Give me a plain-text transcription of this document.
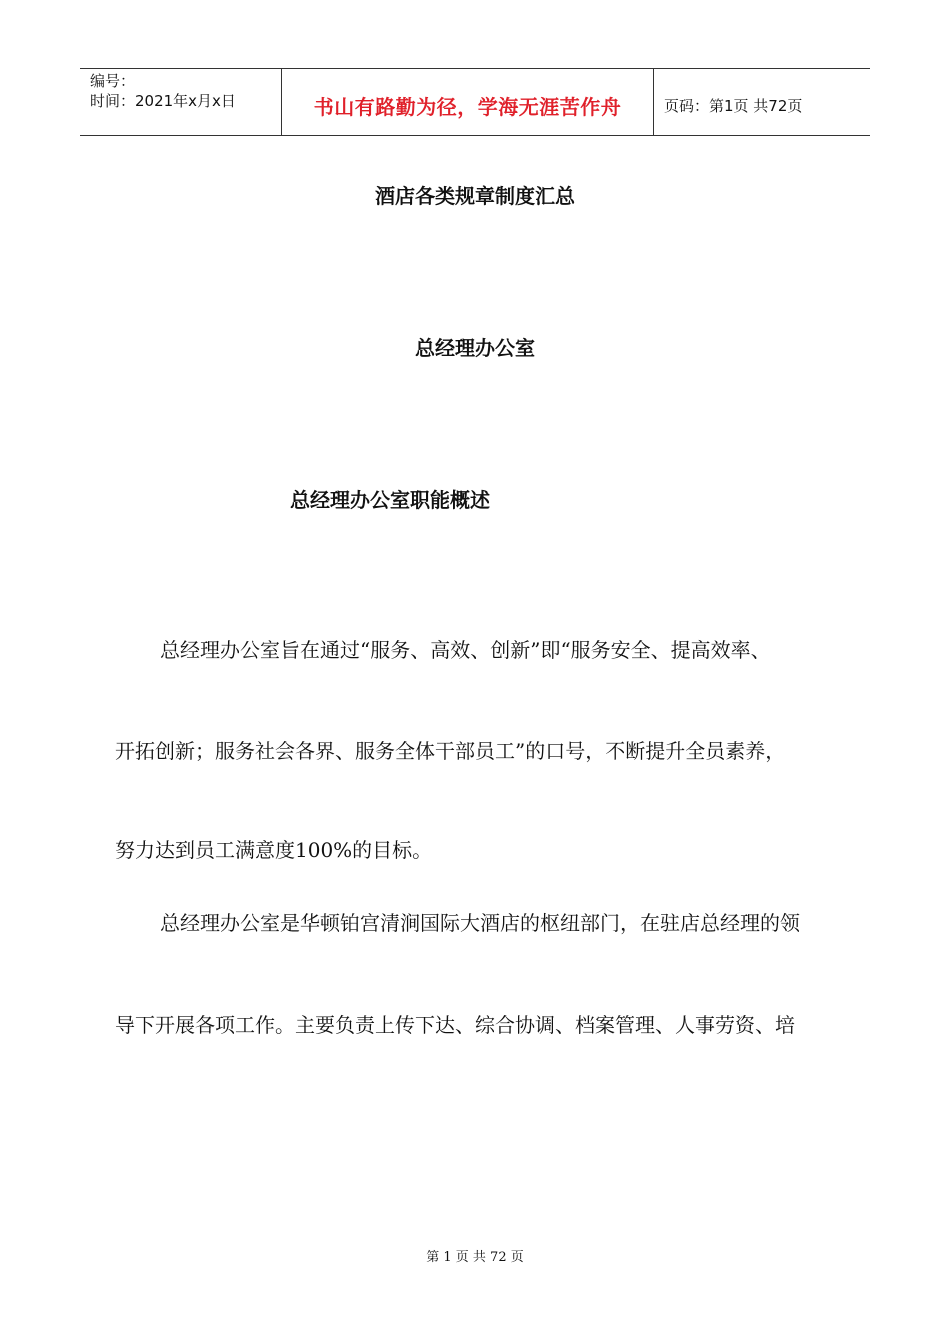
编号：
时间：2021年x月x日	书山有路勤为径，学海无涯苦作舟	页码：第1页 共72页
酒店各类规章制度汇总
总经理办公室
总经理办公室职能概述
总经理办公室旨在通过“服务、高效、创新”即“服务安全、提高效率、
开拓创新；服务社会各界、服务全体干部员工”的口号，不断提升全员素养，
努力达到员工满意度100%的目标。
总经理办公室是华顿铂宫清涧国际大酒店的枢纽部门，在驻店总经理的领
导下开展各项工作。主要负责上传下达、综合协调、档案管理、人事劳资、培
第 1 页 共 72 页
